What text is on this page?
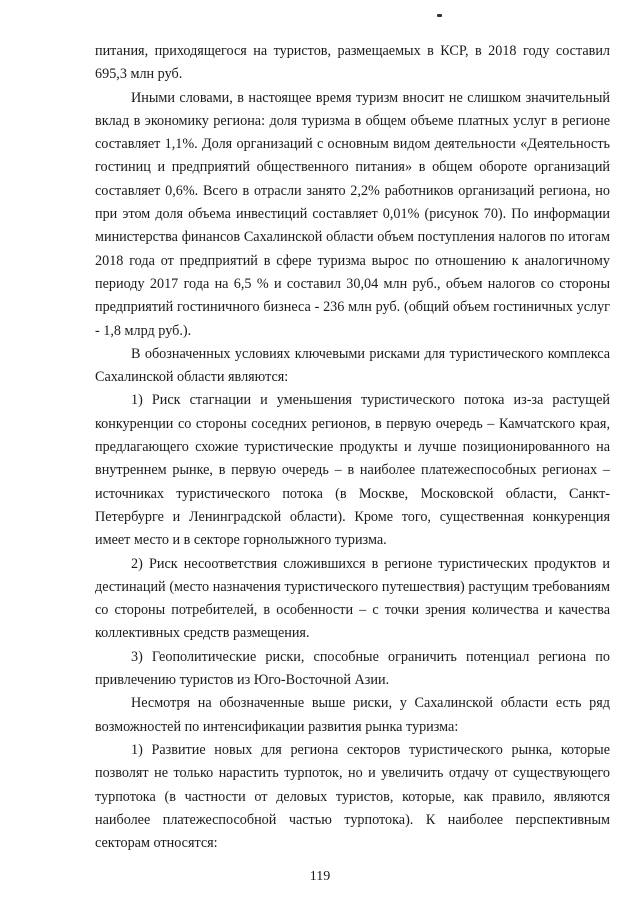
питания, приходящегося на туристов, размещаемых в КСР, в 2018 году составил 695,3 млн руб.

Иными словами, в настоящее время туризм вносит не слишком значительный вклад в экономику региона: доля туризма в общем объеме платных услуг в регионе составляет 1,1%. Доля организаций с основным видом деятельности «Деятельность гостиниц и предприятий общественного питания» в общем обороте организаций составляет 0,6%. Всего в отрасли занято 2,2% работников организаций региона, но при этом доля объема инвестиций составляет 0,01% (рисунок 70). По информации министерства финансов Сахалинской области объем поступления налогов по итогам 2018 года от предприятий в сфере туризма вырос по отношению к аналогичному периоду 2017 года на 6,5 % и составил 30,04 млн руб., объем налогов со стороны предприятий гостиничного бизнеса - 236 млн руб. (общий объем гостиничных услуг - 1,8 млрд руб.).

В обозначенных условиях ключевыми рисками для туристического комплекса Сахалинской области являются:

1) Риск стагнации и уменьшения туристического потока из-за растущей конкуренции со стороны соседних регионов, в первую очередь – Камчатского края, предлагающего схожие туристические продукты и лучше позиционированного на внутреннем рынке, в первую очередь – в наиболее платежеспособных регионах – источниках туристического потока (в Москве, Московской области, Санкт-Петербурге и Ленинградской области). Кроме того, существенная конкуренция имеет место и в секторе горнолыжного туризма.

2) Риск несоответствия сложившихся в регионе туристических продуктов и дестинаций (место назначения туристического путешествия) растущим требованиям со стороны потребителей, в особенности – с точки зрения количества и качества коллективных средств размещения.

3) Геополитические риски, способные ограничить потенциал региона по привлечению туристов из Юго-Восточной Азии.

Несмотря на обозначенные выше риски, у Сахалинской области есть ряд возможностей по интенсификации развития рынка туризма:

1) Развитие новых для региона секторов туристического рынка, которые позволят не только нарастить турпоток, но и увеличить отдачу от существующего турпотока (в частности от деловых туристов, которые, как правило, являются наиболее платежеспособной частью турпотока). К наиболее перспективным секторам относятся:

119
